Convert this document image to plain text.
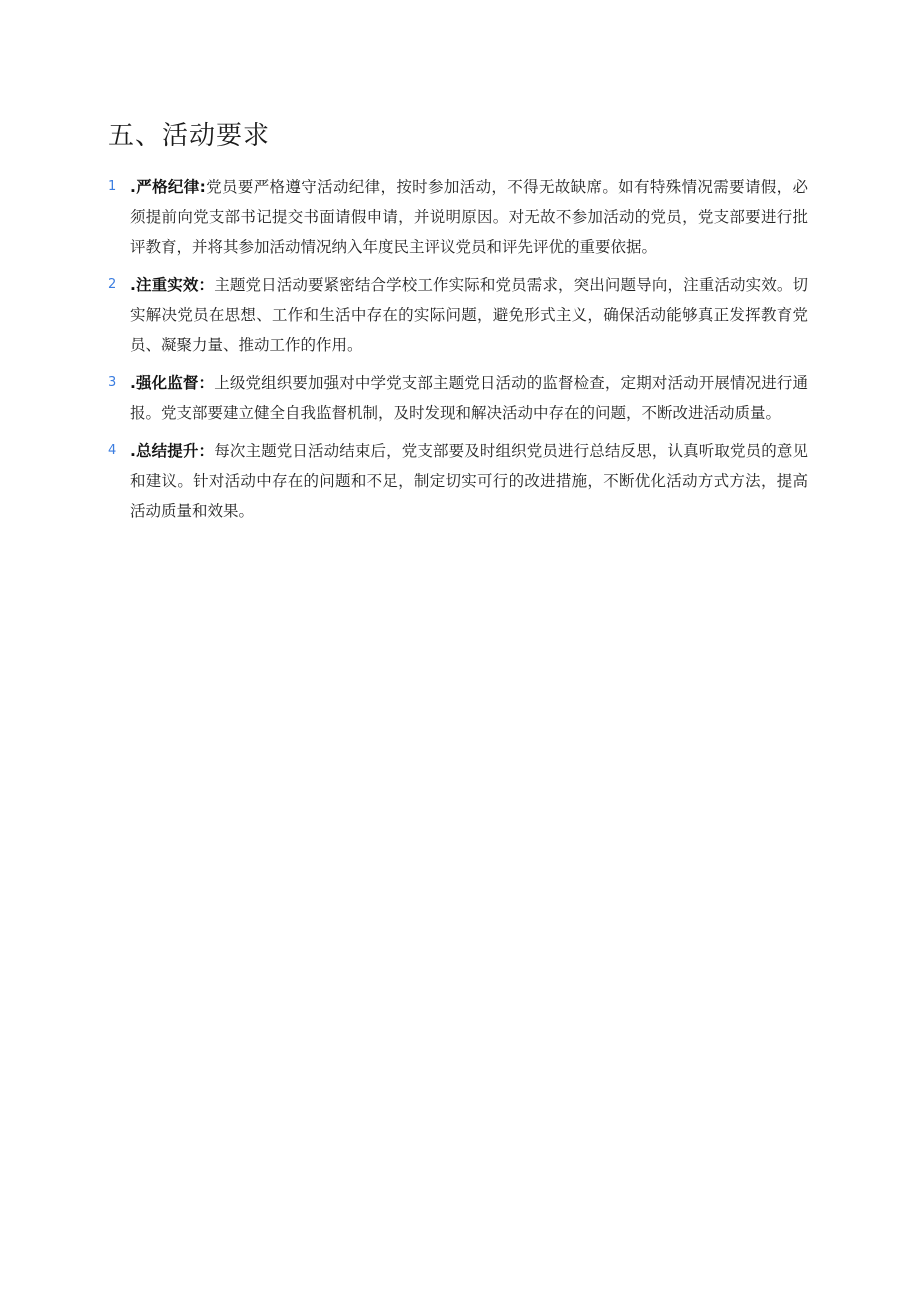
五、活动要求
1 .严格纪律:党员要严格遵守活动纪律，按时参加活动，不得无故缺席。如有特殊情况需要请假，必须提前向党支部书记提交书面请假申请，并说明原因。对无故不参加活动的党员，党支部要进行批评教育，并将其参加活动情况纳入年度民主评议党员和评先评优的重要依据。
2 .注重实效：主题党日活动要紧密结合学校工作实际和党员需求，突出问题导向，注重活动实效。切实解决党员在思想、工作和生活中存在的实际问题，避免形式主义，确保活动能够真正发挥教育党员、凝聚力量、推动工作的作用。
3 .强化监督：上级党组织要加强对中学党支部主题党日活动的监督检查，定期对活动开展情况进行通报。党支部要建立健全自我监督机制，及时发现和解决活动中存在的问题，不断改进活动质量。
4 .总结提升：每次主题党日活动结束后，党支部要及时组织党员进行总结反思，认真听取党员的意见和建议。针对活动中存在的问题和不足，制定切实可行的改进措施，不断优化活动方式方法，提高活动质量和效果。
